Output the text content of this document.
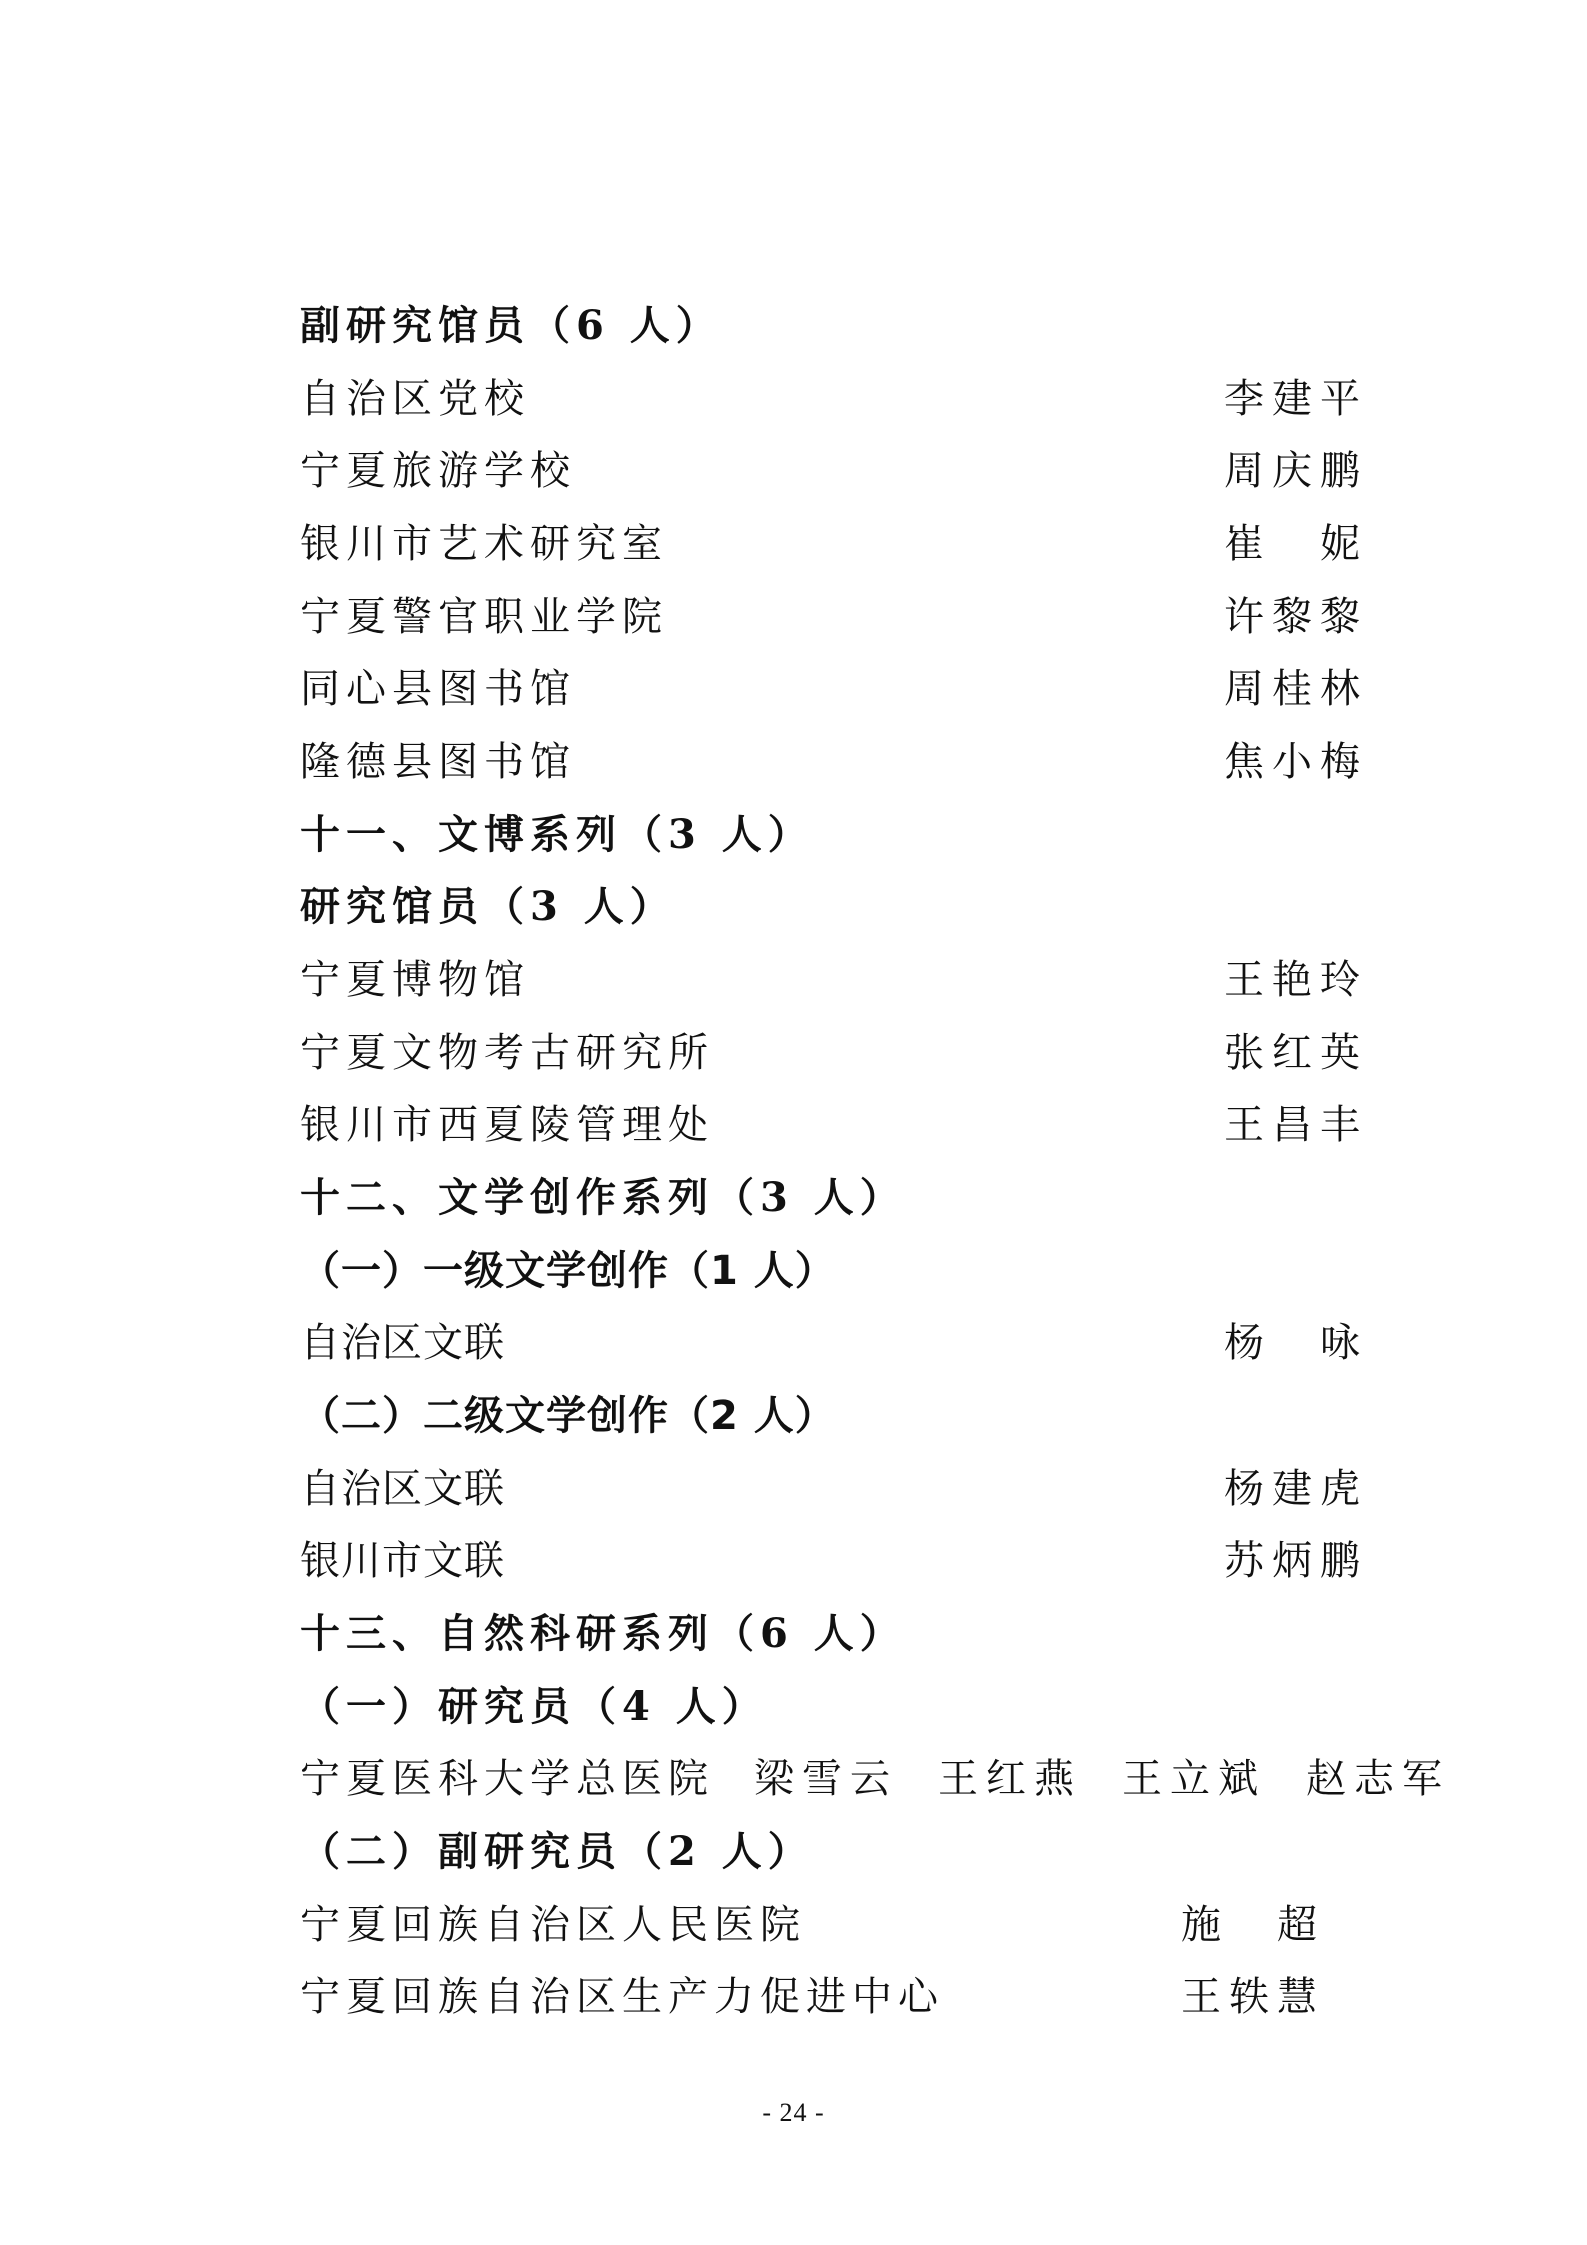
副研究馆员（6 人）
自治区党校	李建平
宁夏旅游学校	周庆鹏
银川市艺术研究室	崔　妮
宁夏警官职业学院	许黎黎
同心县图书馆	周桂林
隆德县图书馆	焦小梅
十一、文博系列（3 人）
研究馆员（3 人）
宁夏博物馆	王艳玲
宁夏文物考古研究所	张红英
银川市西夏陵管理处	王昌丰
十二、文学创作系列（3 人）
（一）一级文学创作（1 人）
自治区文联	杨　咏
（二）二级文学创作（2 人）
自治区文联	杨建虎
银川市文联	苏炳鹏
十三、自然科研系列（6 人）
（一）研究员（4 人）
宁夏医科大学总医院 梁雪云 王红燕 王立斌 赵志军
（二）副研究员（2 人）
宁夏回族自治区人民医院	施　超
宁夏回族自治区生产力促进中心	王轶慧
- 24 -
